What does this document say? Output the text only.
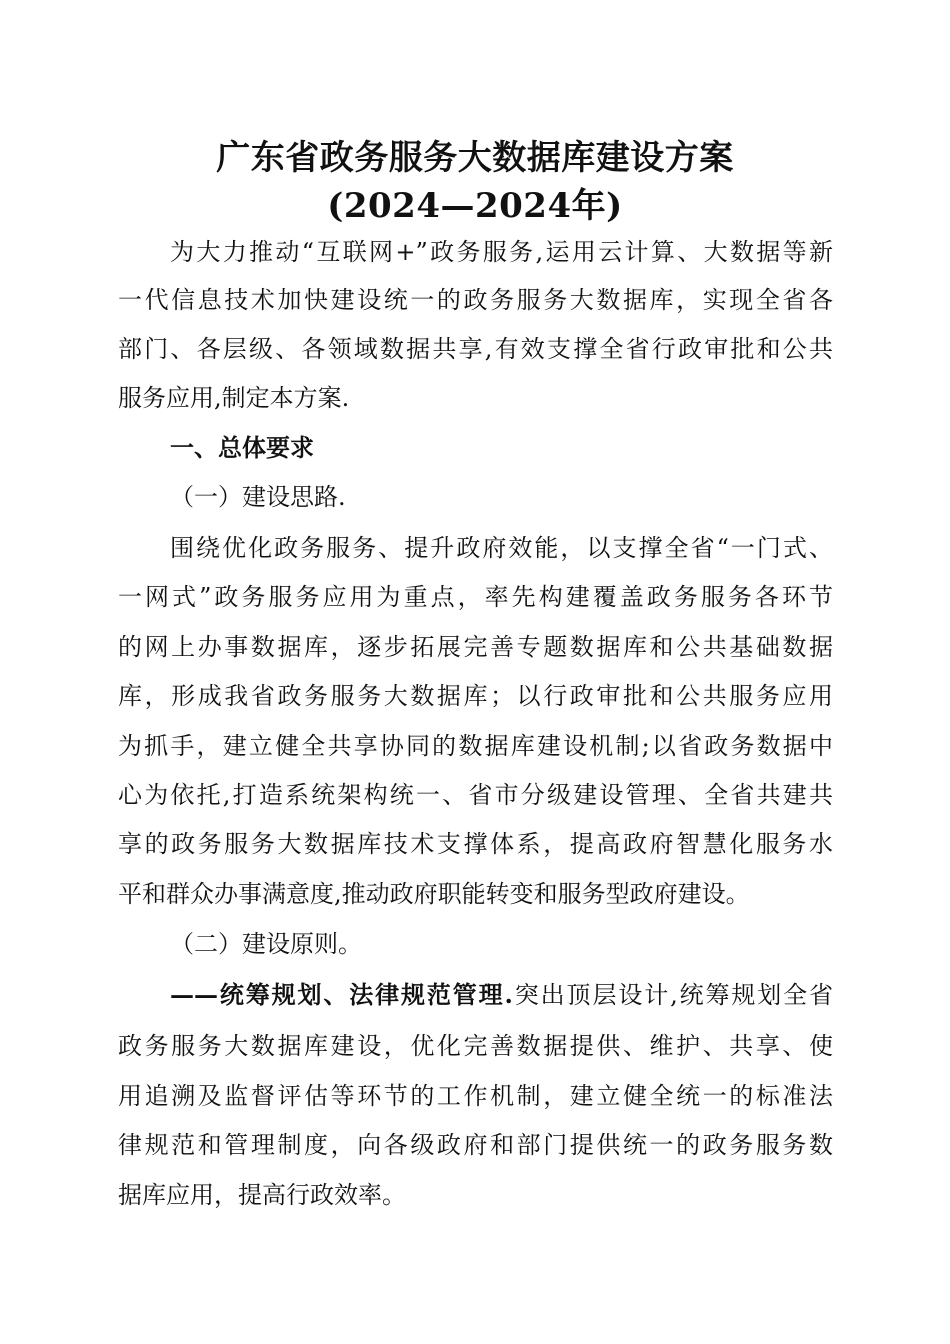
广东省政务服务大数据库建设方案
(2024—2024年)
为大力推动“互联网+”政务服务,运用云计算、大数据等新
一代信息技术加快建设统一的政务服务大数据库，实现全省各
部门、各层级、各领域数据共享,有效支撑全省行政审批和公共
服务应用,制定本方案.
一、总体要求
（一）建设思路.
围绕优化政务服务、提升政府效能，以支撑全省“一门式、
一网式”政务服务应用为重点，率先构建覆盖政务服务各环节
的网上办事数据库，逐步拓展完善专题数据库和公共基础数据
库，形成我省政务服务大数据库；以行政审批和公共服务应用
为抓手，建立健全共享协同的数据库建设机制;以省政务数据中
心为依托,打造系统架构统一、省市分级建设管理、全省共建共
享的政务服务大数据库技术支撑体系，提高政府智慧化服务水
平和群众办事满意度,推动政府职能转变和服务型政府建设。
（二）建设原则。
——统筹规划、法律规范管理.突出顶层设计,统筹规划全省
政务服务大数据库建设，优化完善数据提供、维护、共享、使
用追溯及监督评估等环节的工作机制，建立健全统一的标准法
律规范和管理制度，向各级政府和部门提供统一的政务服务数
据库应用，提高行政效率。
